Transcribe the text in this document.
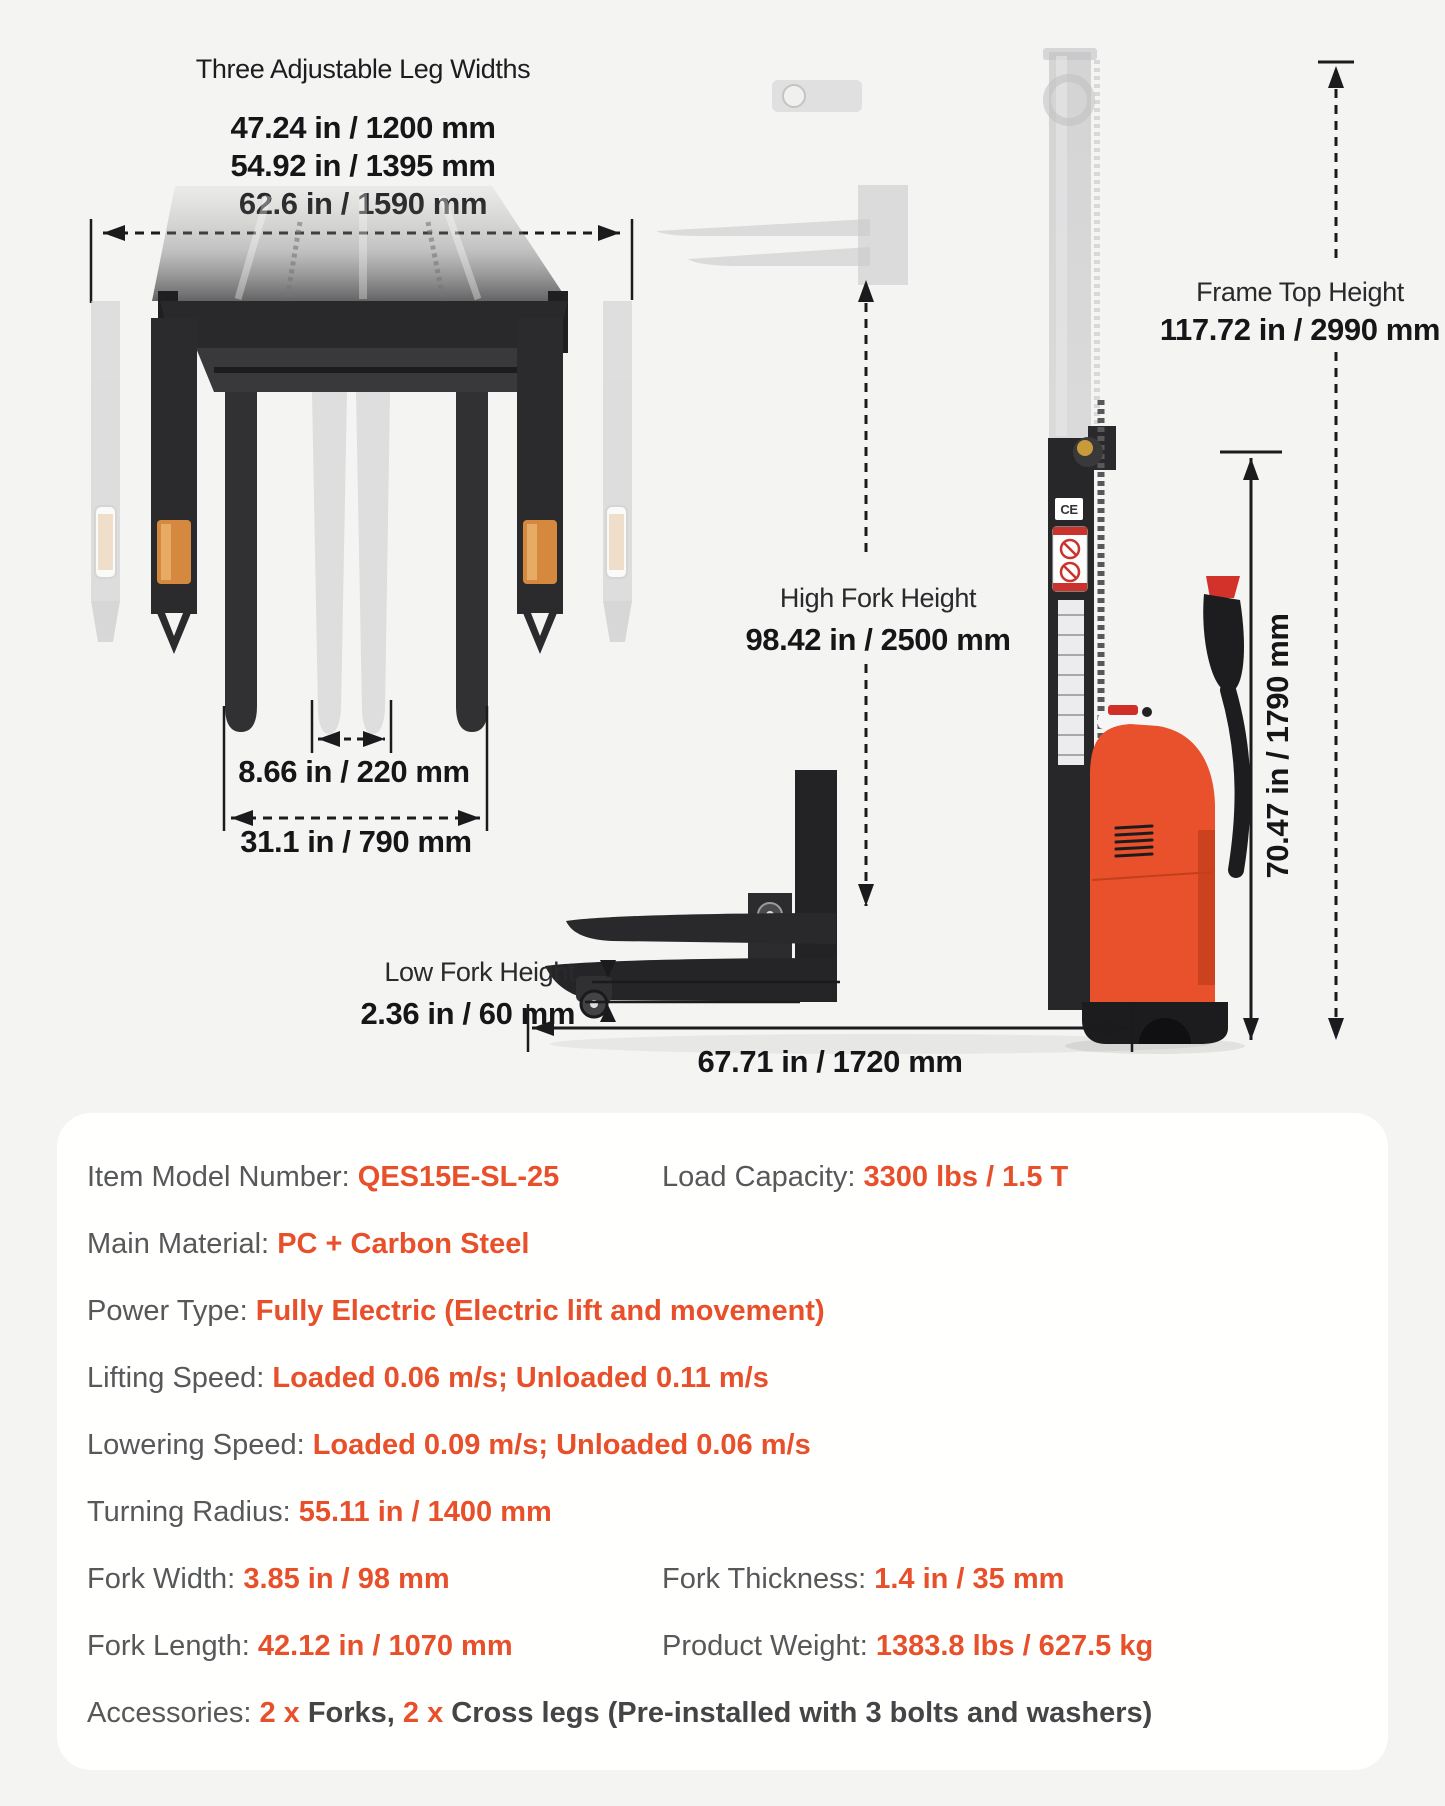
Three Adjustable Leg Widths
47.24 in / 1200 mm
54.92 in / 1395 mm
8.66 in / 220 mm
31.1 in / 790 mm
CE
High Fork Height
98.42 in / 2500 mm	70.47 in / 1790 mm
Frame Top Height
117.72 in / 2990 mm
Low Fork Height
2.36 in / 60 mm
67.71 in / 1720 mm
Item Model Number: QES15E-SL-25	Load Capacity: 3300 lbs / 1.5 T
Main Material: PC + Carbon Steel
Power Type: Fully Electric (Electric lift and movement)
Lifting Speed: Loaded 0.06 m/s; Unloaded 0.11 m/s
Lowering Speed: Loaded 0.09 m/s; Unloaded 0.06 m/s
Turning Radius: 55.11 in / 1400 mm
Fork Width: 3.85 in / 98 mm	Fork Thickness: 1.4 in / 35 mm
Fork Length: 42.12 in / 1070 mm	Product Weight: 1383.8 lbs / 627.5 kg
Accessories: 2 x Forks, 2 x Cross legs (Pre-installed with 3 bolts and washers)
